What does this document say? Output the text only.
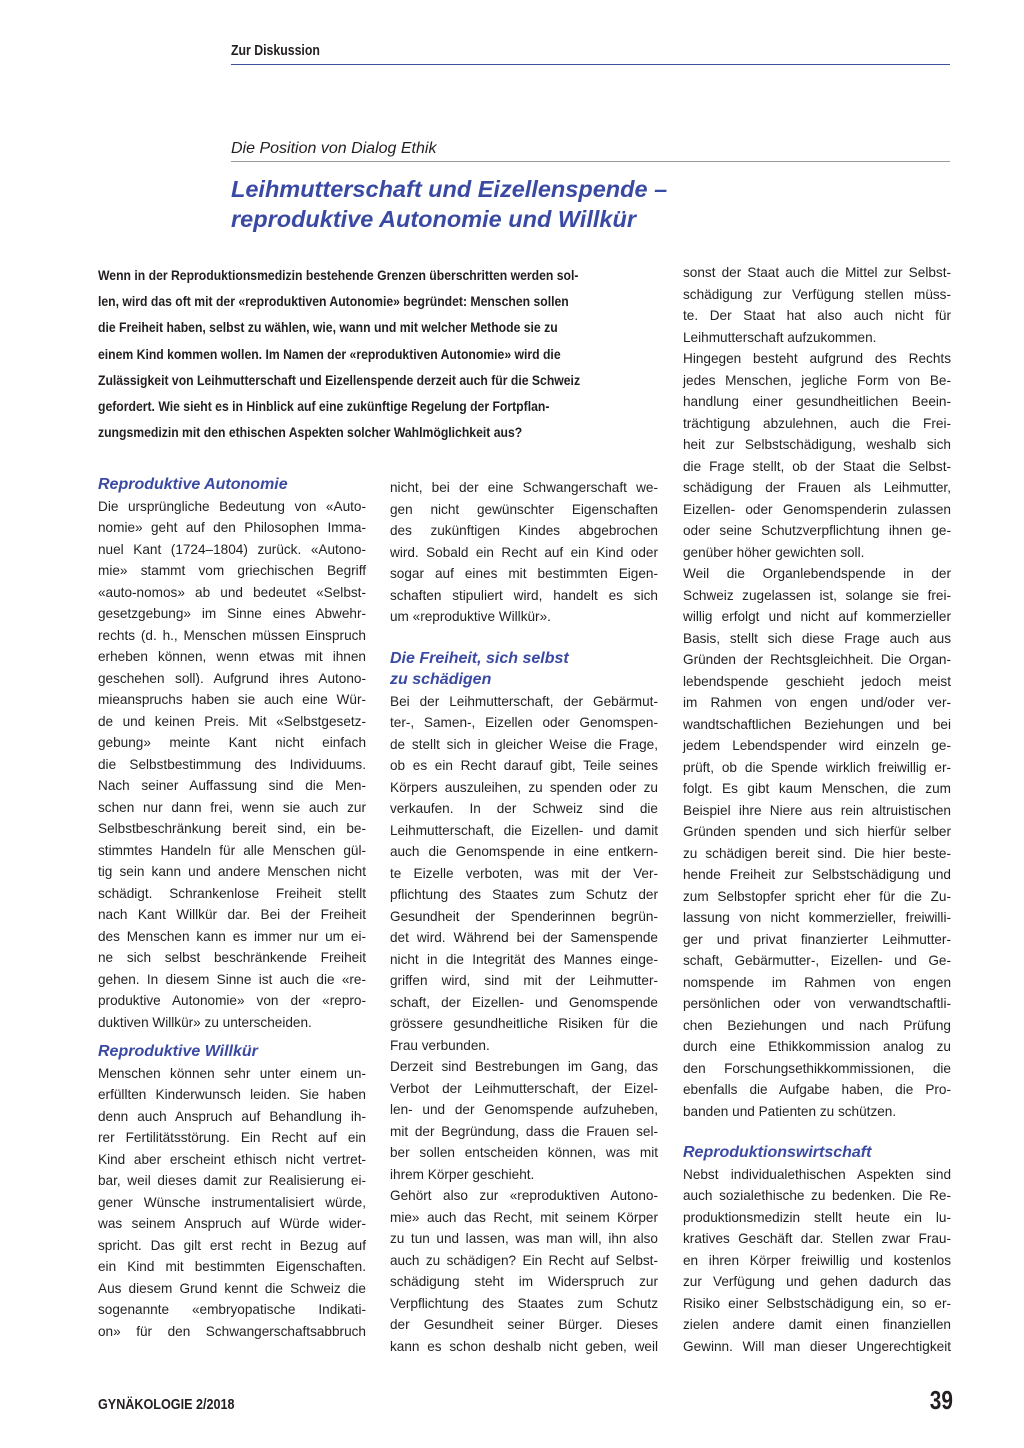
Zur Diskussion
Die Position von Dialog Ethik
Leihmutterschaft und Eizellenspende –
reproduktive Autonomie und Willkür
Wenn in der Reproduktionsmedizin bestehende Grenzen überschritten werden sol-
len, wird das oft mit der «reproduktiven Autonomie» begründet: Menschen sollen
die Freiheit haben, selbst zu wählen, wie, wann und mit welcher Methode sie zu
einem Kind kommen wollen. Im Namen der «reproduktiven Autonomie» wird die
Zulässigkeit von Leihmutterschaft und Eizellenspende derzeit auch für die Schweiz
gefordert. Wie sieht es in Hinblick auf eine zukünftige Regelung der Fortpflan-
zungsmedizin mit den ethischen Aspekten solcher Wahlmöglichkeit aus?
Reproduktive Autonomie

Die ursprüngliche Bedeutung von «Auto-
nomie» geht auf den Philosophen Imma-
nuel Kant (1724–1804) zurück. «Autono-
mie» stammt vom griechischen Begriff
«auto-nomos» ab und bedeutet «Selbst-
gesetzgebung» im Sinne eines Abwehr-
rechts (d. h., Menschen müssen Einspruch
erheben können, wenn etwas mit ihnen
geschehen soll). Aufgrund ihres Autono-
mieanspruchs haben sie auch eine Wür-
de und keinen Preis. Mit «Selbstgesetz-
gebung» meinte Kant nicht einfach
die Selbstbestimmung des Individuums.
Nach seiner Auffassung sind die Men-
schen nur dann frei, wenn sie auch zur
Selbstbeschränkung bereit sind, ein be-
stimmtes Handeln für alle Menschen gül-
tig sein kann und andere Menschen nicht
schädigt. Schrankenlose Freiheit stellt
nach Kant Willkür dar. Bei der Freiheit
des Menschen kann es immer nur um ei-
ne sich selbst beschränkende Freiheit
gehen. In diesem Sinne ist auch die «re-
produktive Autonomie» von der «repro-
duktiven Willkür» zu unterscheiden.

Reproduktive Willkür

Menschen können sehr unter einem un-
erfüllten Kinderwunsch leiden. Sie haben
denn auch Anspruch auf Behandlung ih-
rer Fertilitätsstörung. Ein Recht auf ein
Kind aber erscheint ethisch nicht vertret-
bar, weil dieses damit zur Realisierung ei-
gener Wünsche instrumentalisiert würde,
was seinem Anspruch auf Würde wider-
spricht. Das gilt erst recht in Bezug auf
ein Kind mit bestimmten Eigenschaften.
Aus diesem Grund kennt die Schweiz die
sogenannte «embryopatische Indikati-
on» für den Schwangerschaftsabbruch

nicht, bei der eine Schwangerschaft we-
gen nicht gewünschter Eigenschaften
des zukünftigen Kindes abgebrochen
wird. Sobald ein Recht auf ein Kind oder
sogar auf eines mit bestimmten Eigen-
schaften stipuliert wird, handelt es sich
um «reproduktive Willkür».

Die Freiheit, sich selbst
zu schädigen

Bei der Leihmutterschaft, der Gebärmut-
ter-, Samen-, Eizellen oder Genomspen-
de stellt sich in gleicher Weise die Frage,
ob es ein Recht darauf gibt, Teile seines
Körpers auszuleihen, zu spenden oder zu
verkaufen. In der Schweiz sind die
Leihmutterschaft, die Eizellen- und damit
auch die Genomspende in eine entkern-
te Eizelle verboten, was mit der Ver-
pflichtung des Staates zum Schutz der
Gesundheit der Spenderinnen begrün-
det wird. Während bei der Samenspende
nicht in die Integrität des Mannes einge-
griffen wird, sind mit der Leihmutter-
schaft, der Eizellen- und Genomspende
grössere gesundheitliche Risiken für die
Frau verbunden.

Derzeit sind Bestrebungen im Gang, das
Verbot der Leihmutterschaft, der Eizel-
len- und der Genomspende aufzuheben,
mit der Begründung, dass die Frauen sel-
ber sollen entscheiden können, was mit
ihrem Körper geschieht.

Gehört also zur «reproduktiven Autono-
mie» auch das Recht, mit seinem Körper
zu tun und lassen, was man will, ihn also
auch zu schädigen? Ein Recht auf Selbst-
schädigung steht im Widerspruch zur
Verpflichtung des Staates zum Schutz
der Gesundheit seiner Bürger. Dieses
kann es schon deshalb nicht geben, weil

sonst der Staat auch die Mittel zur Selbst-
schädigung zur Verfügung stellen müss-
te. Der Staat hat also auch nicht für
Leihmutterschaft aufzukommen.

Hingegen besteht aufgrund des Rechts
jedes Menschen, jegliche Form von Be-
handlung einer gesundheitlichen Beein-
trächtigung abzulehnen, auch die Frei-
heit zur Selbstschädigung, weshalb sich
die Frage stellt, ob der Staat die Selbst-
schädigung der Frauen als Leihmutter,
Eizellen- oder Genomspenderin zulassen
oder seine Schutzverpflichtung ihnen ge-
genüber höher gewichten soll.

Weil die Organlebendspende in der
Schweiz zugelassen ist, solange sie frei-
willig erfolgt und nicht auf kommerzieller
Basis, stellt sich diese Frage auch aus
Gründen der Rechtsgleichheit. Die Organ-
lebendspende geschieht jedoch meist
im Rahmen von engen und/oder ver-
wandtschaftlichen Beziehungen und bei
jedem Lebendspender wird einzeln ge-
prüft, ob die Spende wirklich freiwillig er-
folgt. Es gibt kaum Menschen, die zum
Beispiel ihre Niere aus rein altruistischen
Gründen spenden und sich hierfür selber
zu schädigen bereit sind. Die hier beste-
hende Freiheit zur Selbstschädigung und
zum Selbstopfer spricht eher für die Zu-
lassung von nicht kommerzieller, freiwilli-
ger und privat finanzierter Leihmutter-
schaft, Gebärmutter-, Eizellen- und Ge-
nomspende im Rahmen von engen
persönlichen oder von verwandtschaftli-
chen Beziehungen und nach Prüfung
durch eine Ethikkommission analog zu
den Forschungsethikkommissionen, die
ebenfalls die Aufgabe haben, die Pro-
banden und Patienten zu schützen.

Reproduktionswirtschaft

Nebst individualethischen Aspekten sind
auch sozialethische zu bedenken. Die Re-
produktionsmedizin stellt heute ein lu-
kratives Geschäft dar. Stellen zwar Frau-
en ihren Körper freiwillig und kostenlos
zur Verfügung und gehen dadurch das
Risiko einer Selbstschädigung ein, so er-
zielen andere damit einen finanziellen
Gewinn. Will man dieser Ungerechtigkeit

GYNÄKOLOGIE 2/2018	39
